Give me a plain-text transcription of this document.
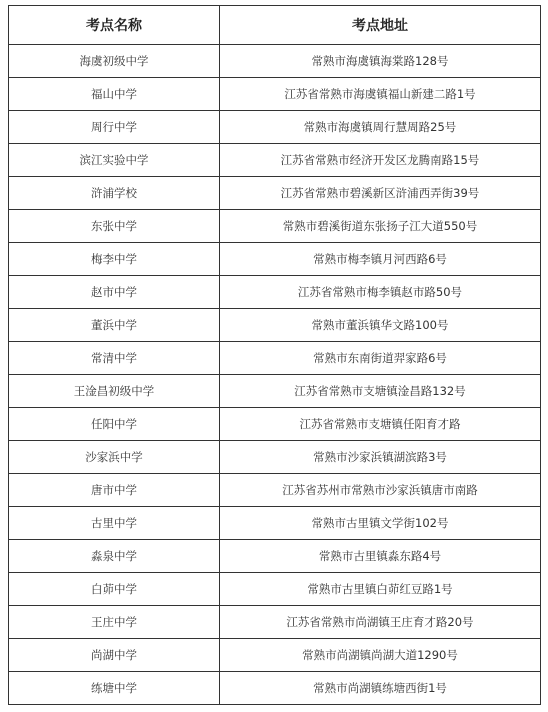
考点名称	考点地址
海虞初级中学	常熟市海虞镇海棠路128号
福山中学	江苏省常熟市海虞镇福山新建二路1号
周行中学	常熟市海虞镇周行慧周路25号
滨江实验中学	江苏省常熟市经济开发区龙腾南路15号
浒浦学校	江苏省常熟市碧溪新区浒浦西弄街39号
东张中学	常熟市碧溪街道东张扬子江大道550号
梅李中学	常熟市梅李镇月河西路6号
赵市中学	江苏省常熟市梅李镇赵市路50号
董浜中学	常熟市董浜镇华文路100号
常清中学	常熟市东南街道羿家路6号
王淦昌初级中学	江苏省常熟市支塘镇淦昌路132号
任阳中学	江苏省常熟市支塘镇任阳育才路
沙家浜中学	常熟市沙家浜镇湖滨路3号
唐市中学	江苏省苏州市常熟市沙家浜镇唐市南路
古里中学	常熟市古里镇文学街102号
淼泉中学	常熟市古里镇淼东路4号
白茆中学	常熟市古里镇白茆红豆路1号
王庄中学	江苏省常熟市尚湖镇王庄育才路20号
尚湖中学	常熟市尚湖镇尚湖大道1290号
练塘中学	常熟市尚湖镇练塘西街1号
